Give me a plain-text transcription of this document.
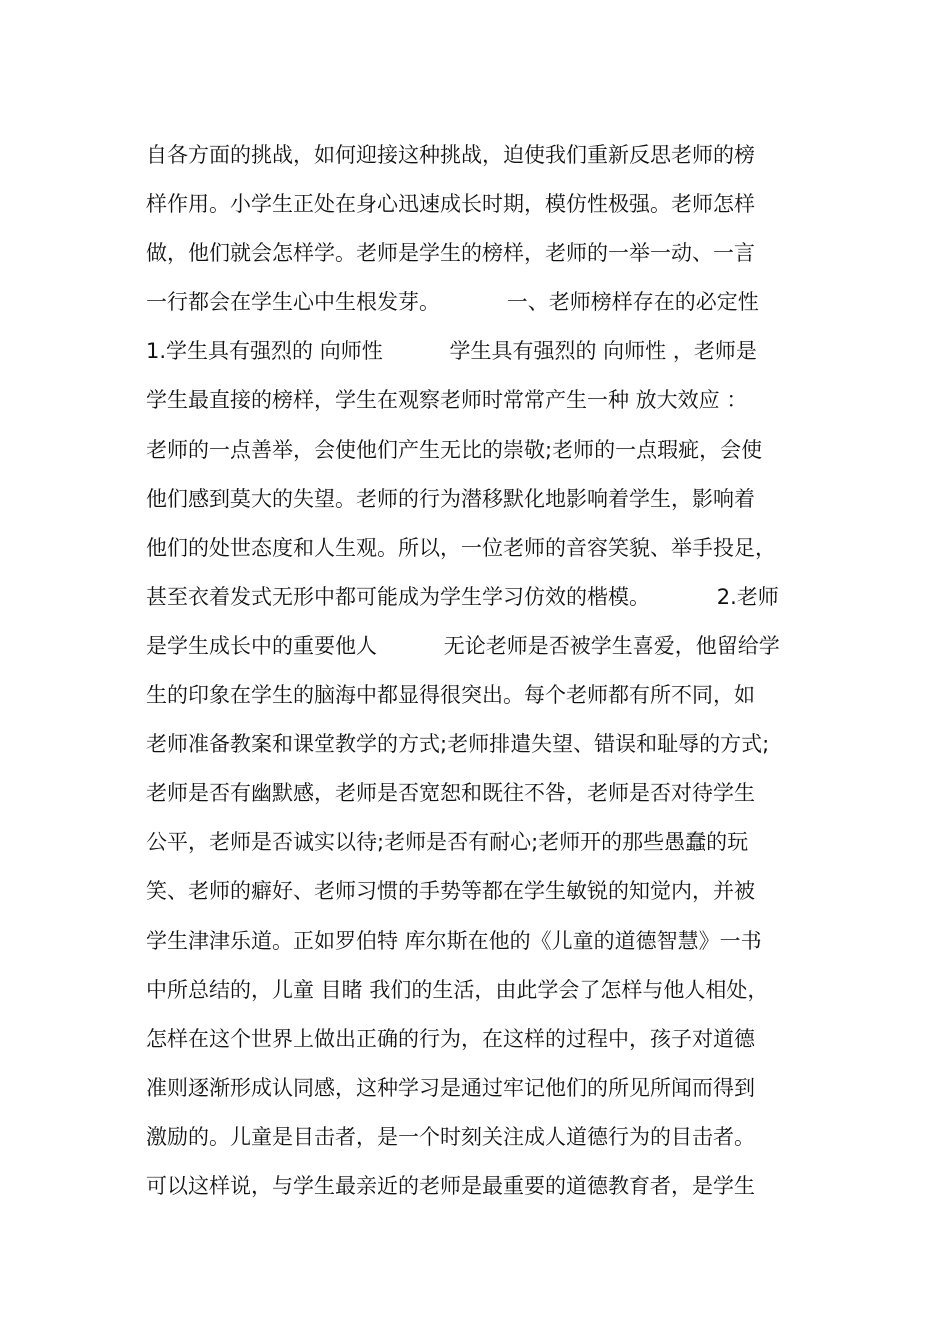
自各方面的挑战，如何迎接这种挑战，迫使我们重新反思老师的榜
样作用。小学生正处在身心迅速成长时期，模仿性极强。老师怎样
做，他们就会怎样学。老师是学生的榜样，老师的一举一动、一言
一行都会在学生心中生根发芽。          一、老师榜样存在的必定性
1.学生具有强烈的 向师性          学生具有强烈的 向师性 ，老师是
学生最直接的榜样，学生在观察老师时常常产生一种 放大效应 ：
老师的一点善举，会使他们产生无比的崇敬;老师的一点瑕疵，会使
他们感到莫大的失望。老师的行为潜移默化地影响着学生，影响着
他们的处世态度和人生观。所以，一位老师的音容笑貌、举手投足，
甚至衣着发式无形中都可能成为学生学习仿效的楷模。          2.老师
是学生成长中的重要他人          无论老师是否被学生喜爱，他留给学
生的印象在学生的脑海中都显得很突出。每个老师都有所不同，如
老师准备教案和课堂教学的方式;老师排遣失望、错误和耻辱的方式;
老师是否有幽默感，老师是否宽恕和既往不咎，老师是否对待学生
公平，老师是否诚实以待;老师是否有耐心;老师开的那些愚蠢的玩
笑、老师的癖好、老师习惯的手势等都在学生敏锐的知觉内，并被
学生津津乐道。正如罗伯特 库尔斯在他的《儿童的道德智慧》一书
中所总结的，儿童 目睹 我们的生活，由此学会了怎样与他人相处，
怎样在这个世界上做出正确的行为，在这样的过程中，孩子对道德
准则逐渐形成认同感，这种学习是通过牢记他们的所见所闻而得到
激励的。儿童是目击者，是一个时刻关注成人道德行为的目击者。
可以这样说，与学生最亲近的老师是最重要的道德教育者，是学生
